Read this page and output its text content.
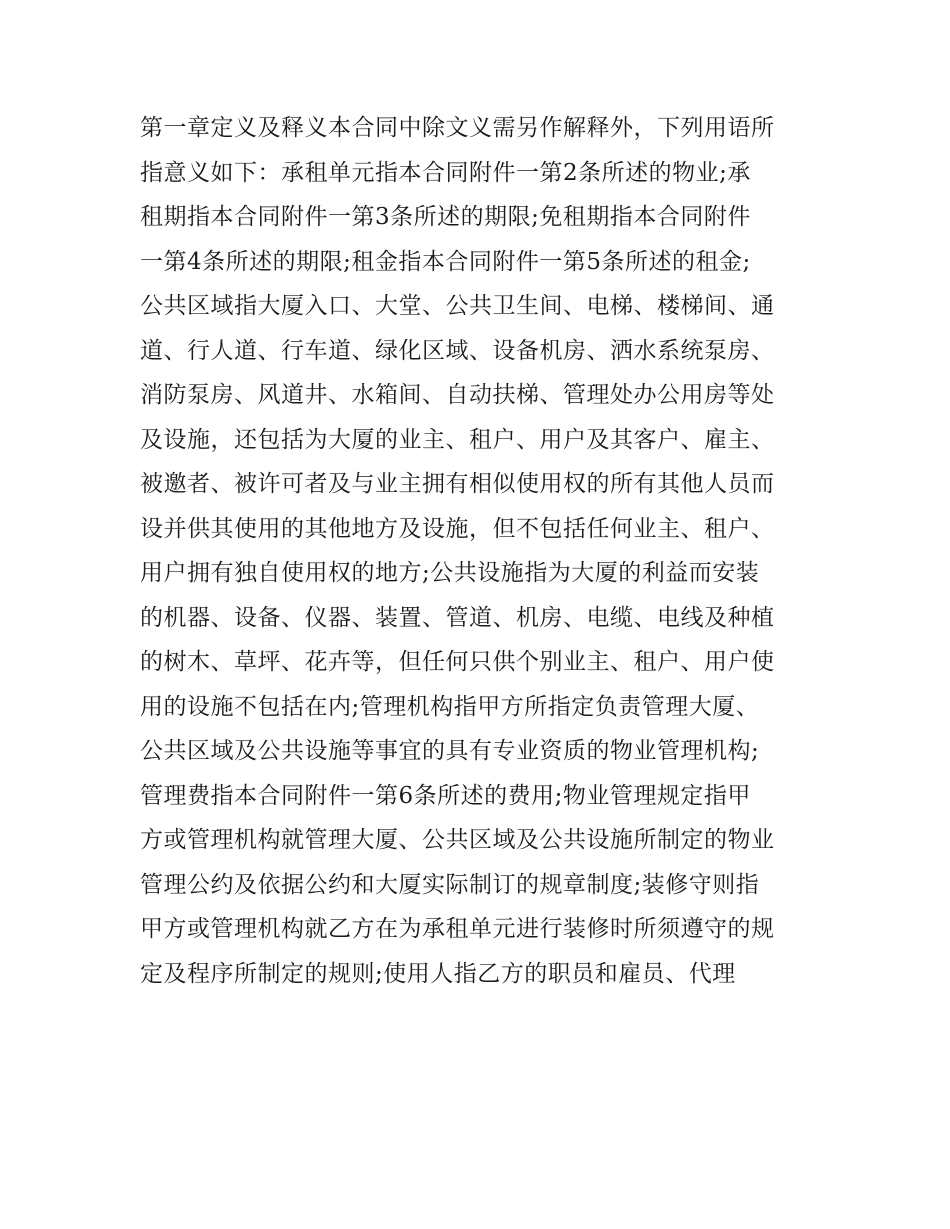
第一章定义及释义本合同中除文义需另作解释外，下列用语所
指意义如下：承租单元指本合同附件一第2条所述的物业;承
租期指本合同附件一第3条所述的期限;免租期指本合同附件
一第4条所述的期限;租金指本合同附件一第5条所述的租金;
公共区域指大厦入口、大堂、公共卫生间、电梯、楼梯间、通
道、行人道、行车道、绿化区域、设备机房、洒水系统泵房、
消防泵房、风道井、水箱间、自动扶梯、管理处办公用房等处
及设施，还包括为大厦的业主、租户、用户及其客户、雇主、
被邀者、被许可者及与业主拥有相似使用权的所有其他人员而
设并供其使用的其他地方及设施，但不包括任何业主、租户、
用户拥有独自使用权的地方;公共设施指为大厦的利益而安装
的机器、设备、仪器、装置、管道、机房、电缆、电线及种植
的树木、草坪、花卉等，但任何只供个别业主、租户、用户使
用的设施不包括在内;管理机构指甲方所指定负责管理大厦、
公共区域及公共设施等事宜的具有专业资质的物业管理机构;
管理费指本合同附件一第6条所述的费用;物业管理规定指甲
方或管理机构就管理大厦、公共区域及公共设施所制定的物业
管理公约及依据公约和大厦实际制订的规章制度;装修守则指
甲方或管理机构就乙方在为承租单元进行装修时所须遵守的规
定及程序所制定的规则;使用人指乙方的职员和雇员、代理
